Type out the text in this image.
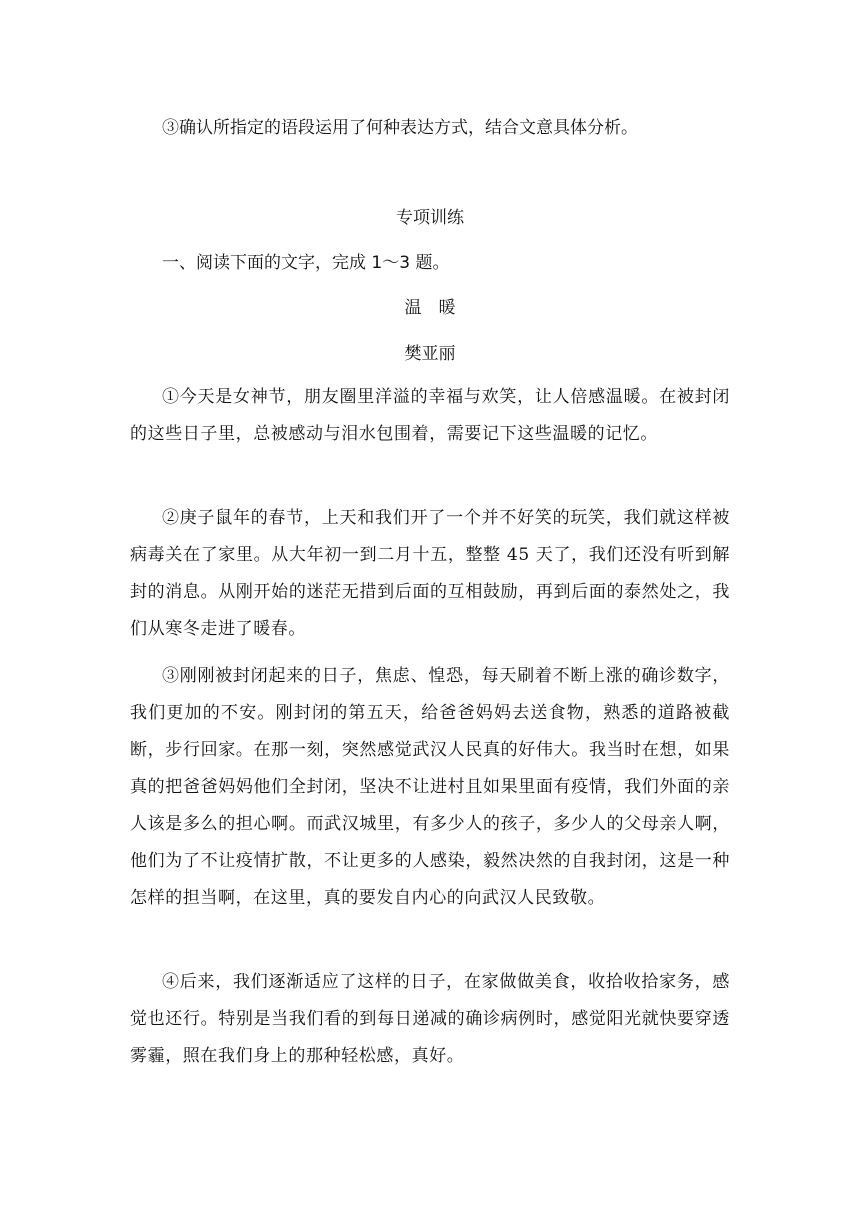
③确认所指定的语段运用了何种表达方式，结合文意具体分析。
专项训练
一、阅读下面的文字，完成 1～3 题。
温　暖
樊亚丽

①今天是女神节，朋友圈里洋溢的幸福与欢笑，让人倍感温暖。在被封闭的这些日子里，总被感动与泪水包围着，需要记下这些温暖的记忆。

②庚子鼠年的春节，上天和我们开了一个并不好笑的玩笑，我们就这样被病毒关在了家里。从大年初一到二月十五，整整 45 天了，我们还没有听到解封的消息。从刚开始的迷茫无措到后面的互相鼓励，再到后面的泰然处之，我们从寒冬走进了暖春。

③刚刚被封闭起来的日子，焦虑、惶恐，每天刷着不断上涨的确诊数字，我们更加的不安。刚封闭的第五天，给爸爸妈妈去送食物，熟悉的道路被截断，步行回家。在那一刻，突然感觉武汉人民真的好伟大。我当时在想，如果真的把爸爸妈妈他们全封闭，坚决不让进村且如果里面有疫情，我们外面的亲人该是多么的担心啊。而武汉城里，有多少人的孩子，多少人的父母亲人啊，他们为了不让疫情扩散，不让更多的人感染，毅然决然的自我封闭，这是一种怎样的担当啊，在这里，真的要发自内心的向武汉人民致敬。

④后来，我们逐渐适应了这样的日子，在家做做美食，收拾收拾家务，感觉也还行。特别是当我们看的到每日递减的确诊病例时，感觉阳光就快要穿透雾霾，照在我们身上的那种轻松感，真好。
